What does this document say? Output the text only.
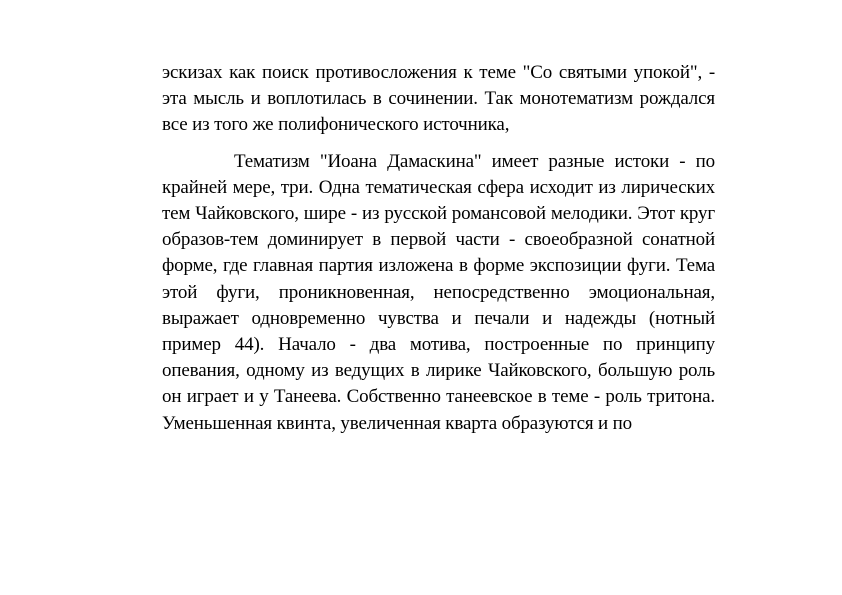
эскизах как поиск противосложения к теме "Со святыми упокой", - эта мысль и воплотилась в сочинении. Так монотематизм рождался все из того же полифонического источника,

Тематизм "Иоана Дамаскина" имеет разные истоки - по крайней мере, три. Одна тематическая сфера исходит из лирических тем Чайковского, шире - из русской романсовой мелодики. Этот круг образов-тем доминирует в первой части - своеобразной сонатной форме, где главная партия изложена в форме экспозиции фуги. Тема этой фуги, проникновенная, непосредственно эмоциональная, выражает одновременно чувства и печали и надежды (нотный пример 44). Начало - два мотива, построенные по принципу опевания, одному из ведущих в лирике Чайковского, большую роль он играет и у Танеева. Собственно танеевское в теме - роль тритона. Уменьшенная квинта, увеличенная кварта образуются и по
